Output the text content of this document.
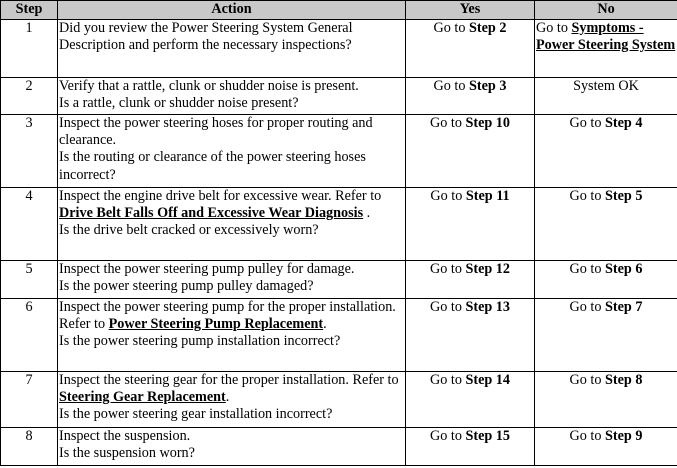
Step	Action	Yes	No
1	Did you review the Power Steering System General Description and perform the necessary inspections?	Go to Step 2	Go to Symptoms - Power Steering System
2	Verify that a rattle, clunk or shudder noise is present.
Is a rattle, clunk or shudder noise present?	Go to Step 3	System OK
3	Inspect the power steering hoses for proper routing and clearance.
Is the routing or clearance of the power steering hoses incorrect?	Go to Step 10	Go to Step 4
4	Inspect the engine drive belt for excessive wear. Refer to Drive Belt Falls Off and Excessive Wear Diagnosis .
Is the drive belt cracked or excessively worn?	Go to Step 11	Go to Step 5
5	Inspect the power steering pump pulley for damage.
Is the power steering pump pulley damaged?	Go to Step 12	Go to Step 6
6	Inspect the power steering pump for the proper installation. Refer to Power Steering Pump Replacement.
Is the power steering pump installation incorrect?	Go to Step 13	Go to Step 7
7	Inspect the steering gear for the proper installation. Refer to Steering Gear Replacement.
Is the power steering gear installation incorrect?	Go to Step 14	Go to Step 8
8	Inspect the suspension.
Is the suspension worn?	Go to Step 15	Go to Step 9
